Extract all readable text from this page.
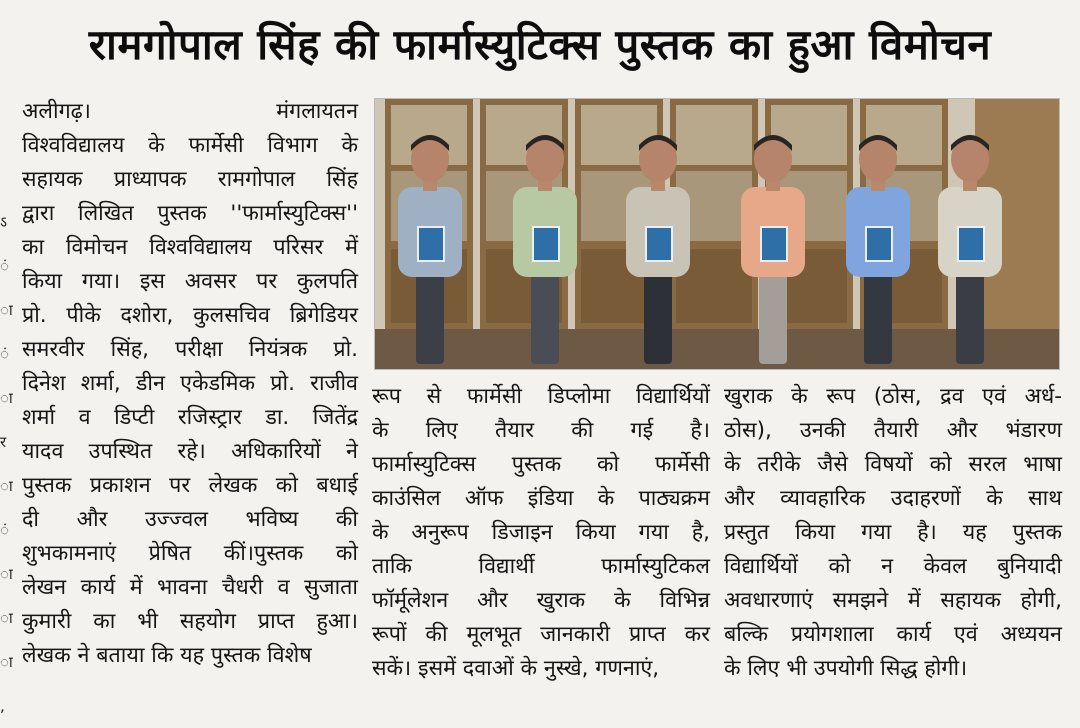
रामगोपाल सिंह की फार्मास्युटिक्स पुस्तक का हुआ विमोचन
ऽ
ं
ा
ं
ा
र
ा
ं
ा
ा
ा
,
अलीगढ़। मंगलायतन
विश्वविद्यालय के फार्मेसी विभाग के
सहायक प्राध्यापक रामगोपाल सिंह
द्वारा लिखित पुस्तक ''फार्मास्युटिक्स''
का विमोचन विश्वविद्यालय परिसर में
किया गया। इस अवसर पर कुलपति
प्रो. पीके दशोरा, कुलसचिव ब्रिगेडियर
समरवीर सिंह, परीक्षा नियंत्रक प्रो.
दिनेश शर्मा, डीन एकेडमिक प्रो. राजीव
शर्मा व डिप्टी रजिस्ट्रार डा. जितेंद्र
यादव उपस्थित रहे। अधिकारियों ने
पुस्तक प्रकाशन पर लेखक को बधाई
दी और उज्ज्वल भविष्य की
शुभकामनाएं प्रेषित कीं।पुस्तक को
लेखन कार्य में भावना चैधरी व सुजाता
कुमारी का भी सहयोग प्राप्त हुआ।
लेखक ने बताया कि यह पुस्तक विशेष
रूप से फार्मेसी डिप्लोमा विद्यार्थियों
के लिए तैयार की गई है।
फार्मास्युटिक्स पुस्तक को फार्मेसी
काउंसिल ऑफ इंडिया के पाठ्यक्रम
के अनुरूप डिजाइन किया गया है,
ताकि विद्यार्थी फार्मास्युटिकल
फॉर्मूलेशन और खुराक के विभिन्न
रूपों की मूलभूत जानकारी प्राप्त कर
सकें। इसमें दवाओं के नुस्खे, गणनाएं,
खुराक के रूप (ठोस, द्रव एवं अर्ध-
ठोस), उनकी तैयारी और भंडारण
के तरीके जैसे विषयों को सरल भाषा
और व्यावहारिक उदाहरणों के साथ
प्रस्तुत किया गया है। यह पुस्तक
विद्यार्थियों को न केवल बुनियादी
अवधारणाएं समझने में सहायक होगी,
बल्कि प्रयोगशाला कार्य एवं अध्ययन
के लिए भी उपयोगी सिद्ध होगी।
